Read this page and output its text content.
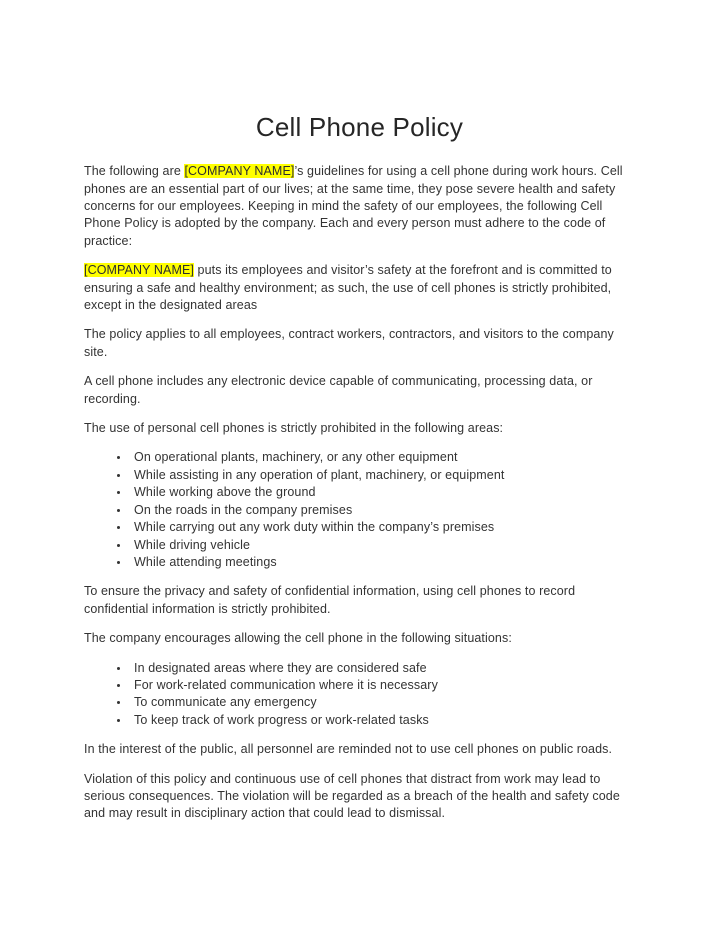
Cell Phone Policy

The following are [COMPANY NAME]’s guidelines for using a cell phone during work hours. Cell phones are an essential part of our lives; at the same time, they pose severe health and safety concerns for our employees. Keeping in mind the safety of our employees, the following Cell Phone Policy is adopted by the company. Each and every person must adhere to the code of practice:

[COMPANY NAME] puts its employees and visitor’s safety at the forefront and is committed to ensuring a safe and healthy environment; as such, the use of cell phones is strictly prohibited, except in the designated areas

The policy applies to all employees, contract workers, contractors, and visitors to the company site.

A cell phone includes any electronic device capable of communicating, processing data, or recording.

The use of personal cell phones is strictly prohibited in the following areas:

• On operational plants, machinery, or any other equipment
• While assisting in any operation of plant, machinery, or equipment
• While working above the ground
• On the roads in the company premises
• While carrying out any work duty within the company’s premises
• While driving vehicle
• While attending meetings

To ensure the privacy and safety of confidential information, using cell phones to record confidential information is strictly prohibited.

The company encourages allowing the cell phone in the following situations:

• In designated areas where they are considered safe
• For work-related communication where it is necessary
• To communicate any emergency
• To keep track of work progress or work-related tasks

In the interest of the public, all personnel are reminded not to use cell phones on public roads.

Violation of this policy and continuous use of cell phones that distract from work may lead to serious consequences. The violation will be regarded as a breach of the health and safety code and may result in disciplinary action that could lead to dismissal.
